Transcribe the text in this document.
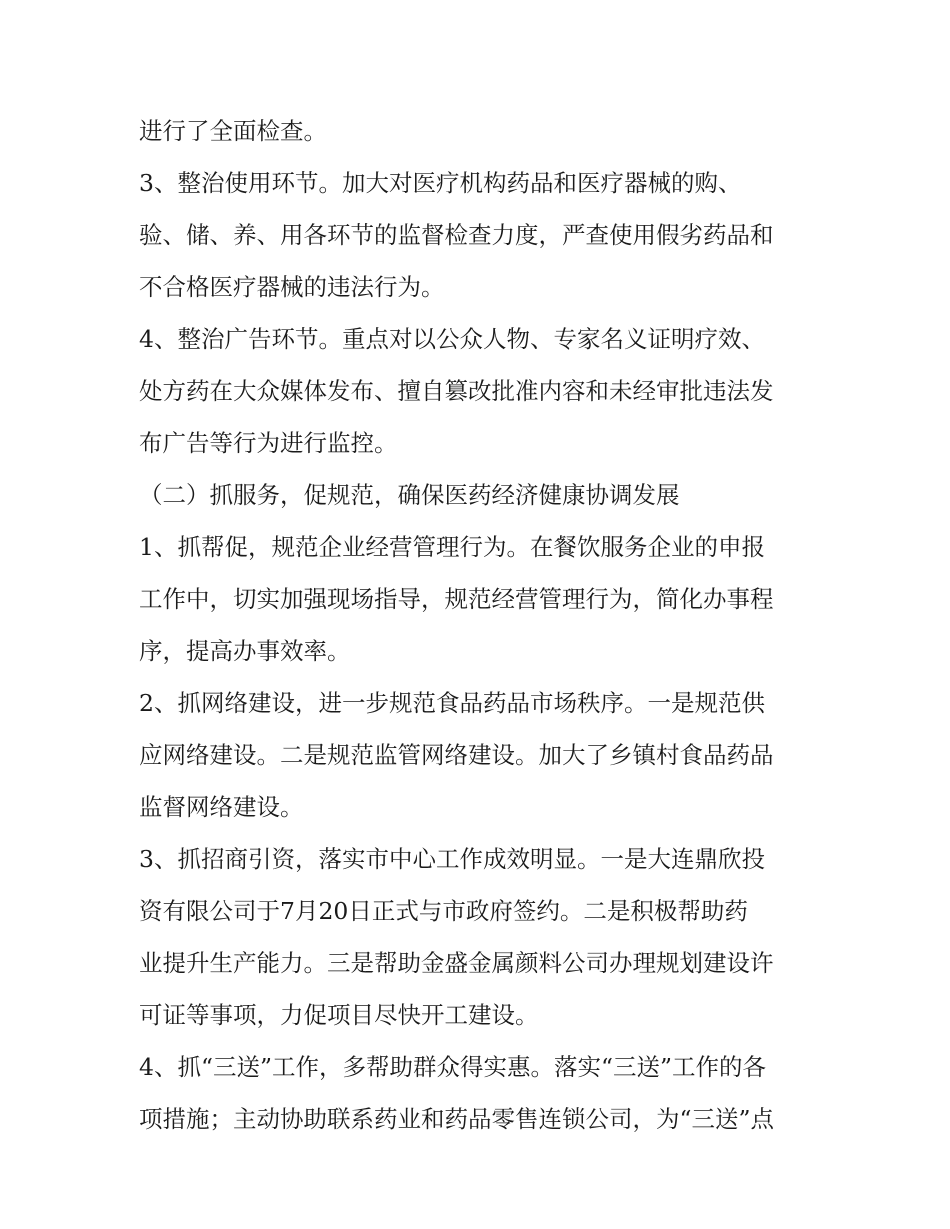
进行了全面检查。
3、整治使用环节。加大对医疗机构药品和医疗器械的购、
验、储、养、用各环节的监督检查力度，严查使用假劣药品和
不合格医疗器械的违法行为。
4、整治广告环节。重点对以公众人物、专家名义证明疗效、
处方药在大众媒体发布、擅自篡改批准内容和未经审批违法发
布广告等行为进行监控。
（二）抓服务，促规范，确保医药经济健康协调发展
1、抓帮促，规范企业经营管理行为。在餐饮服务企业的申报
工作中，切实加强现场指导，规范经营管理行为，简化办事程
序，提高办事效率。
2、抓网络建设，进一步规范食品药品市场秩序。一是规范供
应网络建设。二是规范监管网络建设。加大了乡镇村食品药品
监督网络建设。
3、抓招商引资，落实市中心工作成效明显。一是大连鼎欣投
资有限公司于7月20日正式与市政府签约。二是积极帮助药
业提升生产能力。三是帮助金盛金属颜料公司办理规划建设许
可证等事项，力促项目尽快开工建设。
4、抓“三送”工作，多帮助群众得实惠。落实“三送”工作的各
项措施；主动协助联系药业和药品零售连锁公司，为“三送”点
